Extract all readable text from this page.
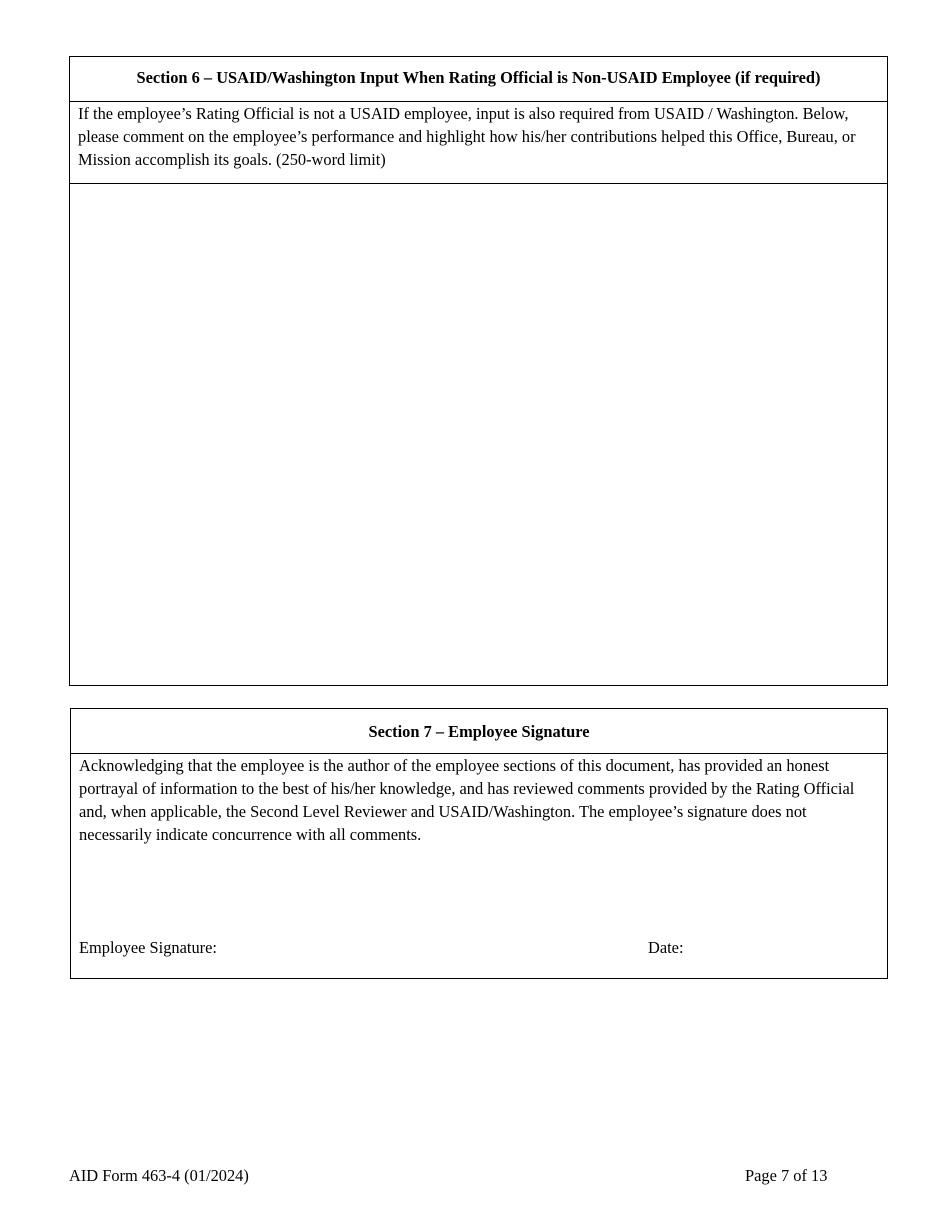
Section 6 – USAID/Washington Input When Rating Official is Non-USAID Employee (if required)
If the employee’s Rating Official is not a USAID employee, input is also required from USAID / Washington. Below, please comment on the employee’s performance and highlight how his/her contributions helped this Office, Bureau, or Mission accomplish its goals. (250-word limit)
Section 7 – Employee Signature
Acknowledging that the employee is the author of the employee sections of this document, has provided an honest portrayal of information to the best of his/her knowledge, and has reviewed comments provided by the Rating Official and, when applicable, the Second Level Reviewer and USAID/Washington. The employee’s signature does not necessarily indicate concurrence with all comments.
Employee Signature:	Date:
AID Form 463-4 (01/2024)	Page 7 of 13
